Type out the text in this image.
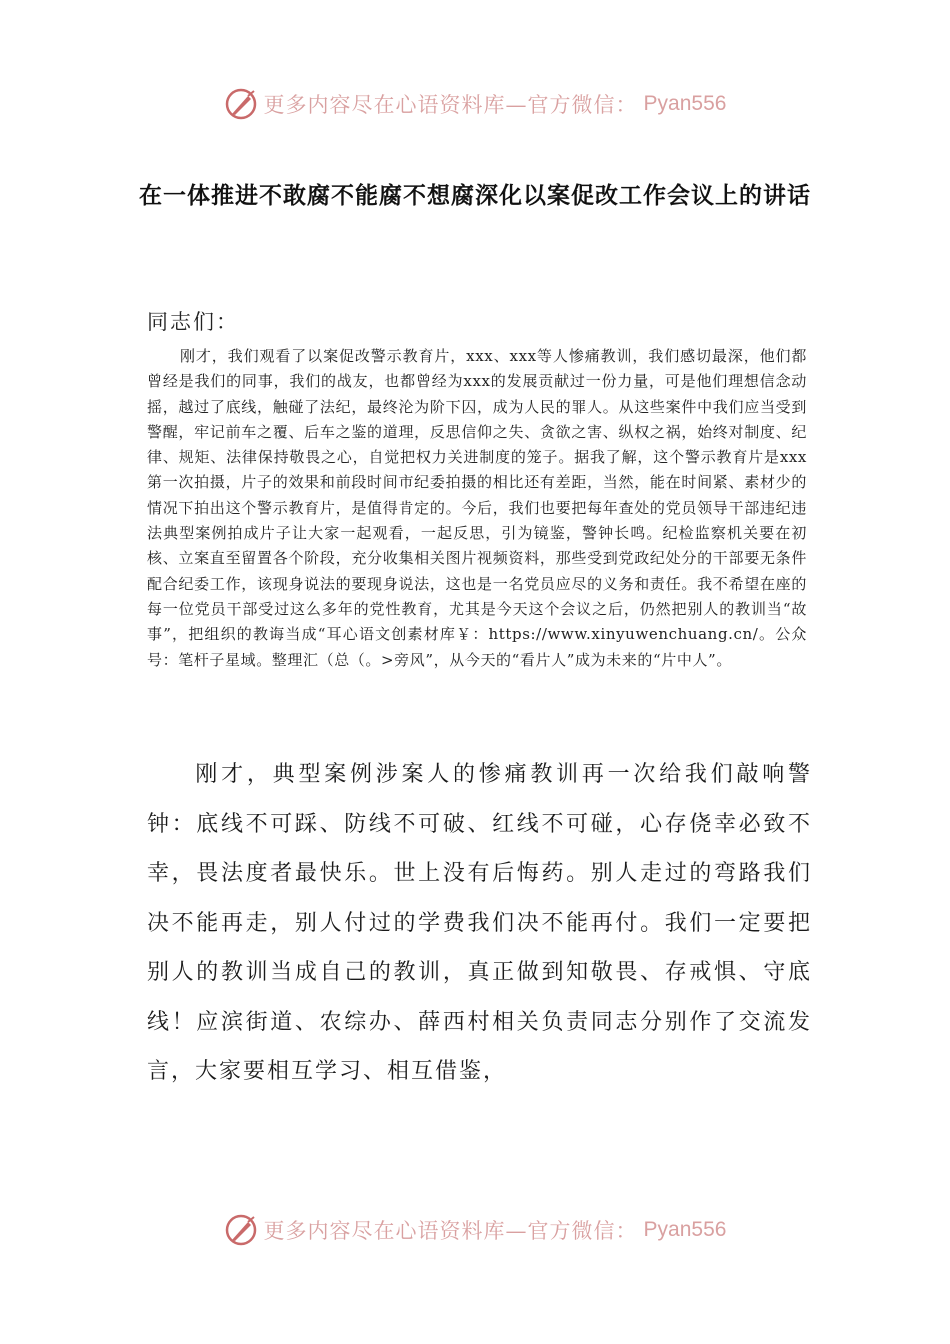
更多内容尽在心语资料库—官方微信： Pyan556
在一体推进不敢腐不能腐不想腐深化以案促改工作会议上的讲话
同志们：
刚才，我们观看了以案促改警示教育片，xxx、xxx等人惨痛教训，我们感切最深，他们都曾经是我们的同事，我们的战友，也都曾经为xxx的发展贡献过一份力量，可是他们理想信念动摇，越过了底线，触碰了法纪，最终沦为阶下囚，成为人民的罪人。从这些案件中我们应当受到警醒，牢记前车之覆、后车之鉴的道理，反思信仰之失、贪欲之害、纵权之祸，始终对制度、纪律、规矩、法律保持敬畏之心，自觉把权力关进制度的笼子。据我了解，这个警示教育片是xxx第一次拍摄，片子的效果和前段时间市纪委拍摄的相比还有差距，当然，能在时间紧、素材少的情况下拍出这个警示教育片，是值得肯定的。今后，我们也要把每年查处的党员领导干部违纪违法典型案例拍成片子让大家一起观看，一起反思，引为镜鉴，警钟长鸣。纪检监察机关要在初核、立案直至留置各个阶段，充分收集相关图片视频资料，那些受到党政纪处分的干部要无条件配合纪委工作，该现身说法的要现身说法，这也是一名党员应尽的义务和责任。我不希望在座的每一位党员干部受过这么多年的党性教育，尤其是今天这个会议之后，仍然把别人的教训当“故事”，把组织的教诲当成“耳心语文创素材库￥：https://www.xinyuwenchuang.cn/。公众号：笔杆子星域。整理汇（总（。>旁风”，从今天的“看片人”成为未来的“片中人”。
刚才，典型案例涉案人的惨痛教训再一次给我们敲响警钟：底线不可踩、防线不可破、红线不可碰，心存侥幸必致不幸，畏法度者最快乐。世上没有后悔药。别人走过的弯路我们决不能再走，别人付过的学费我们决不能再付。我们一定要把别人的教训当成自己的教训，真正做到知敬畏、存戒惧、守底线！应滨街道、农综办、薛西村相关负责同志分别作了交流发言，大家要相互学习、相互借鉴，
更多内容尽在心语资料库—官方微信： Pyan556
